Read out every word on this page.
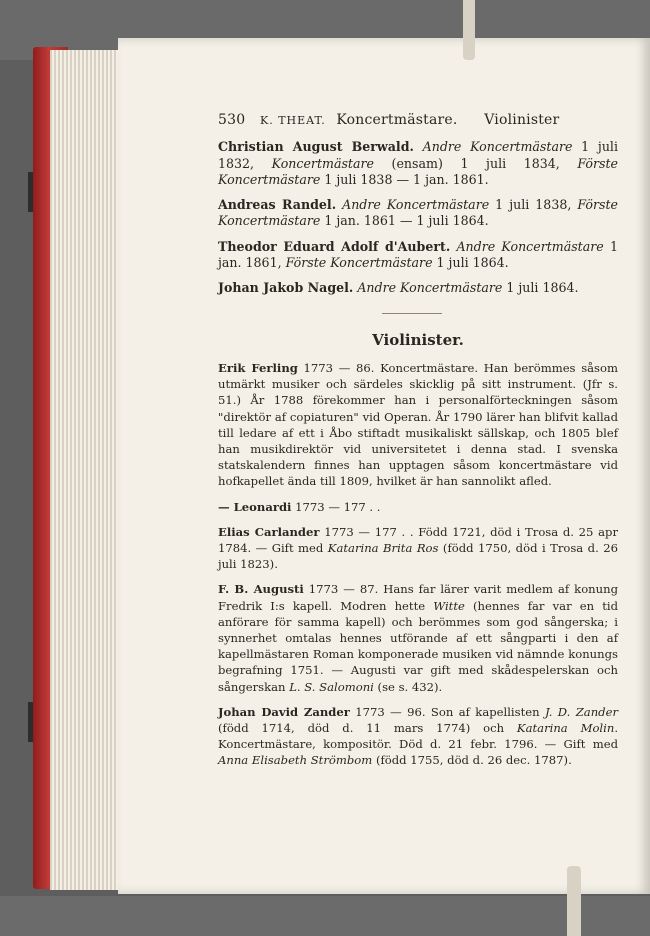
530 K. THEAT. Koncertmästare. Violinister

Christian August Berwald. Andre Koncertmästare 1 juli 1832, Koncertmästare (ensam) 1 juli 1834, Förste Koncertmästare 1 juli 1838 — 1 jan. 1861.

Andreas Randel. Andre Koncertmästare 1 juli 1838, Förste Koncertmästare 1 jan. 1861 — 1 juli 1864.

Theodor Eduard Adolf d'Aubert. Andre Koncertmästare 1 jan. 1861, Förste Koncertmästare 1 juli 1864.

Johan Jakob Nagel. Andre Koncertmästare 1 juli 1864.

Violinister.

Erik Ferling 1773 — 86. Koncertmästare. Han berömmes såsom utmärkt musiker och särdeles skicklig på sitt instrument. (Jfr s. 51.) År 1788 förekommer han i personalförteckningen såsom "direktör af copiaturen" vid Operan. År 1790 lärer han blifvit kallad till ledare af ett i Åbo stiftadt musikaliskt sällskap, och 1805 blef han musikdirektör vid universitetet i denna stad. I svenska statskalendern finnes han upptagen såsom koncertmästare vid hofkapellet ända till 1809, hvilket är han sannolikt afled.

— Leonardi 1773 — 177 . .

Elias Carlander 1773 — 177 . . Född 1721, död i Trosa d. 25 apr 1784. — Gift med Katarina Brita Ros (född 1750, död i Trosa d. 26 juli 1823).

F. B. Augusti 1773 — 87. Hans far lärer varit medlem af konung Fredrik I:s kapell. Modren hette Witte (hennes far var en tid anförare för samma kapell) och berömmes som god sångerska; i synnerhet omtalas hennes utförande af ett sångparti i den af kapellmästaren Roman komponerade musiken vid nämnde konungs begrafning 1751. — Augusti var gift med skådespelerskan och sångerskan L. S. Salomoni (se s. 432).

Johan David Zander 1773 — 96. Son af kapellisten J. D. Zander (född 1714, död d. 11 mars 1774) och Katarina Molin. Koncertmästare, kompositör. Död d. 21 febr. 1796. — Gift med Anna Elisabeth Strömbom (född 1755, död d. 26 dec. 1787).
